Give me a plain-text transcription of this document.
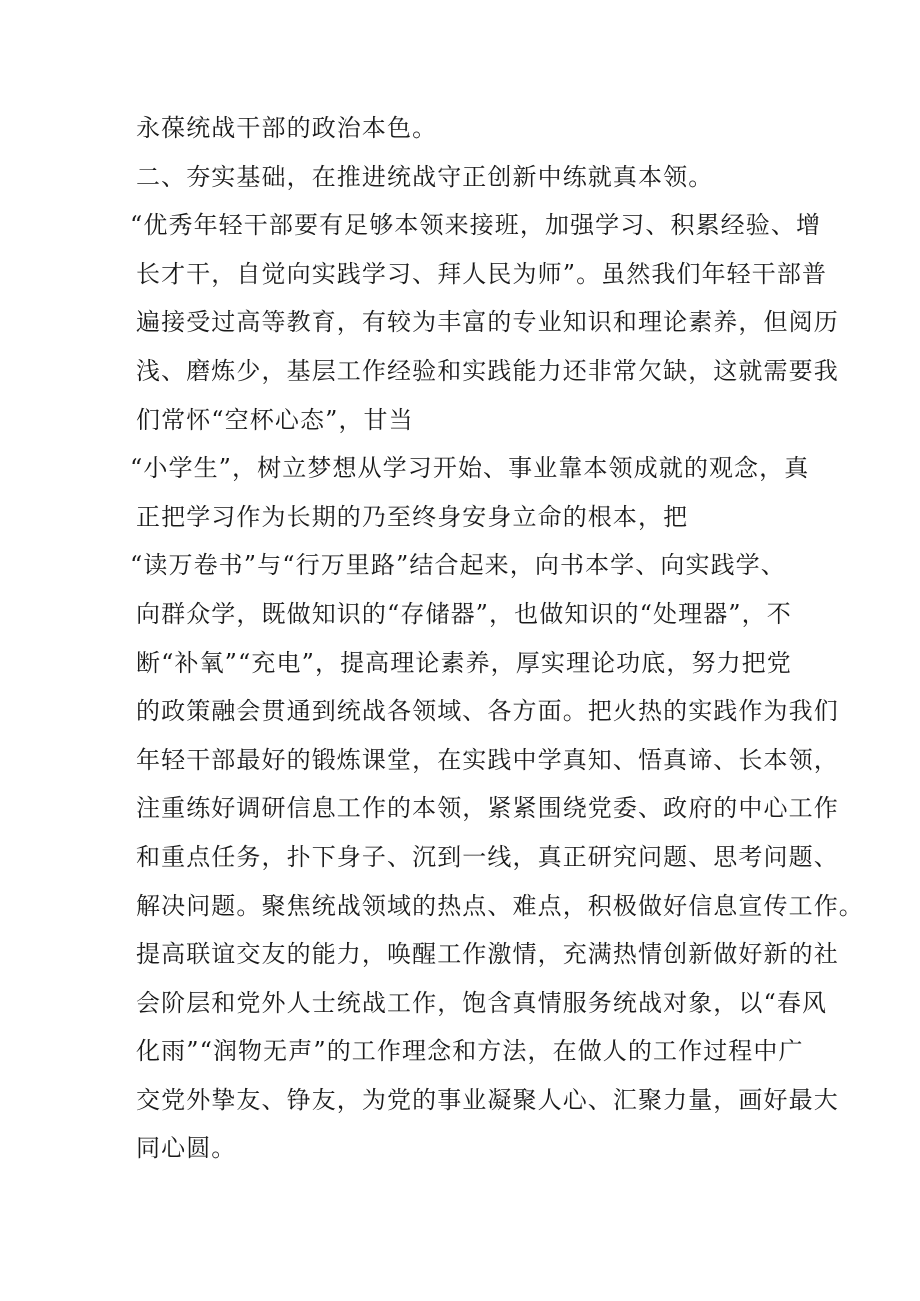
永葆统战干部的政治本色。
二、夯实基础，在推进统战守正创新中练就真本领。
“优秀年轻干部要有足够本领来接班，加强学习、积累经验、增
长才干，自觉向实践学习、拜人民为师”。虽然我们年轻干部普
遍接受过高等教育，有较为丰富的专业知识和理论素养，但阅历
浅、磨炼少，基层工作经验和实践能力还非常欠缺，这就需要我
们常怀“空杯心态”，甘当
“小学生”，树立梦想从学习开始、事业靠本领成就的观念，真
正把学习作为长期的乃至终身安身立命的根本，把
“读万卷书”与“行万里路”结合起来，向书本学、向实践学、
向群众学，既做知识的“存储器”，也做知识的“处理器”，不
断“补氧”“充电”，提高理论素养，厚实理论功底，努力把党
的政策融会贯通到统战各领域、各方面。把火热的实践作为我们
年轻干部最好的锻炼课堂，在实践中学真知、悟真谛、长本领，
注重练好调研信息工作的本领，紧紧围绕党委、政府的中心工作
和重点任务，扑下身子、沉到一线，真正研究问题、思考问题、
解决问题。聚焦统战领域的热点、难点，积极做好信息宣传工作。
提高联谊交友的能力，唤醒工作激情，充满热情创新做好新的社
会阶层和党外人士统战工作，饱含真情服务统战对象，以“春风
化雨”“润物无声”的工作理念和方法，在做人的工作过程中广
交党外挚友、铮友，为党的事业凝聚人心、汇聚力量，画好最大
同心圆。
